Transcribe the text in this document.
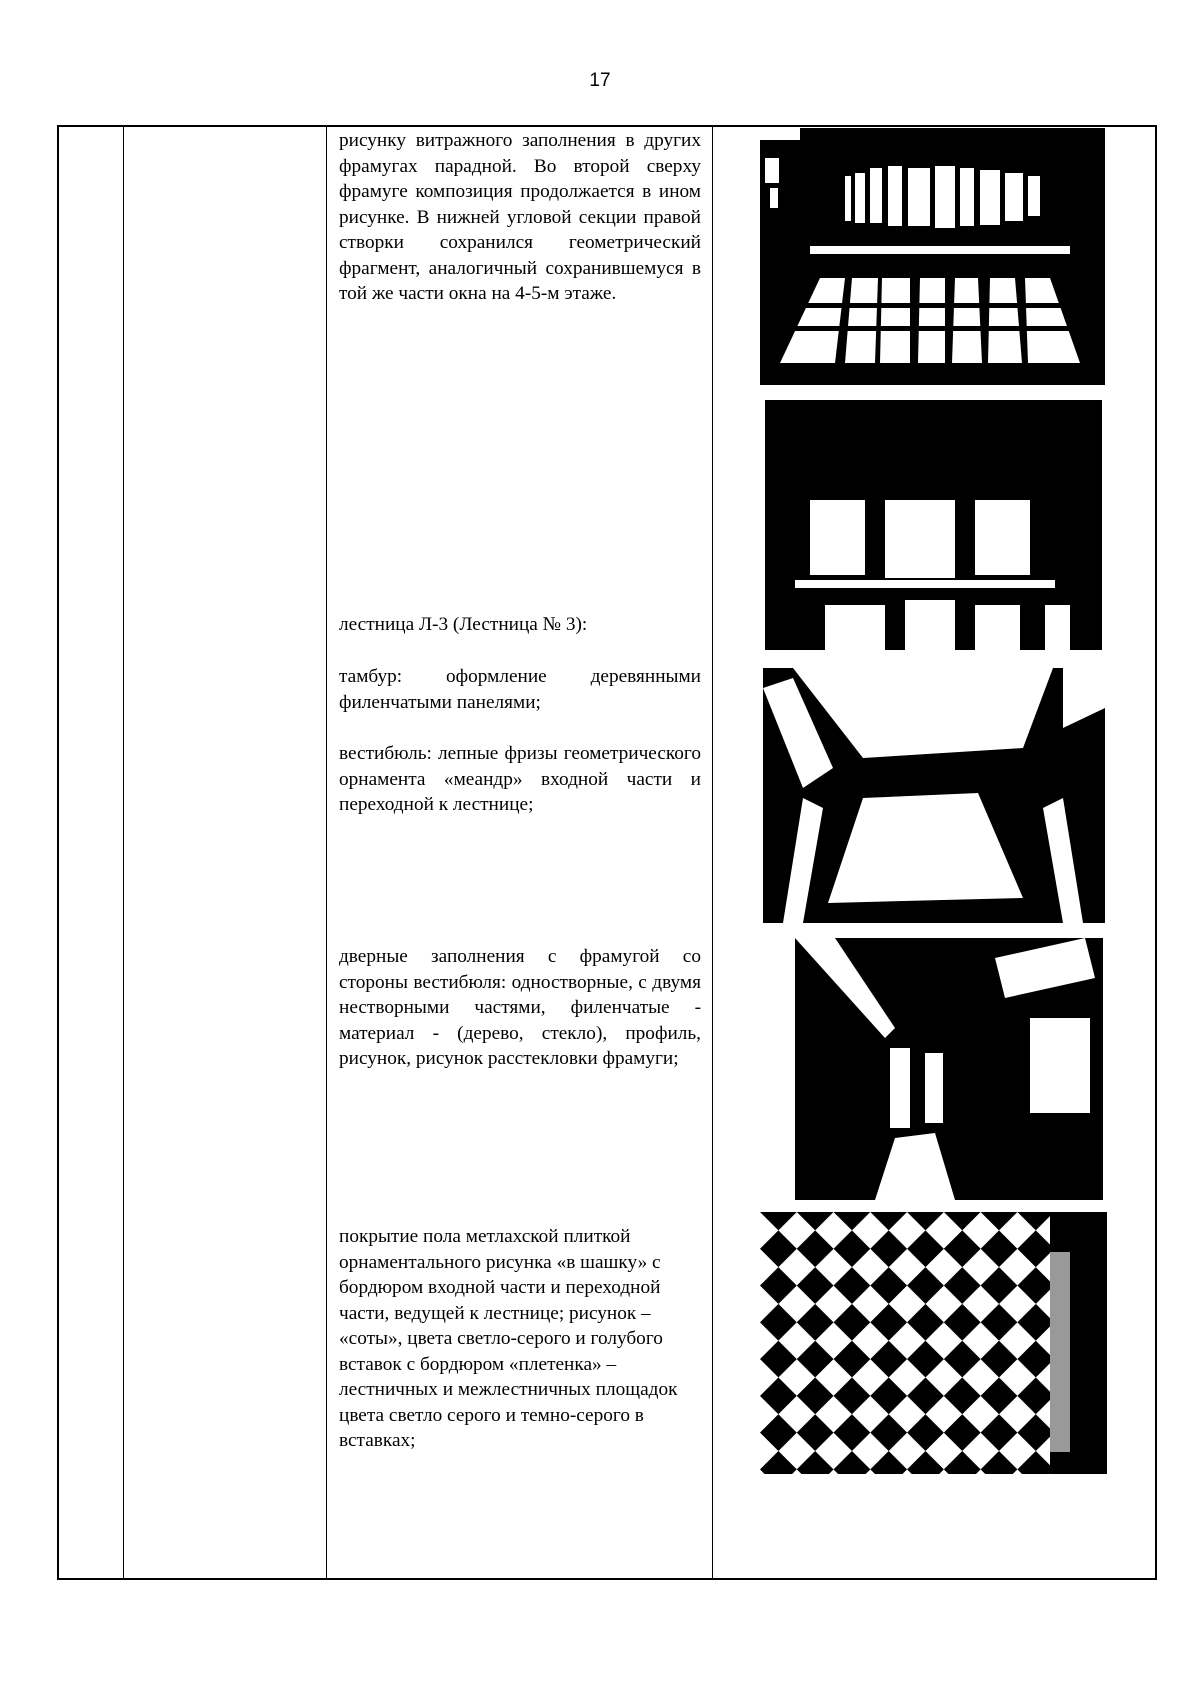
17
рисунку витражного заполнения в других фрамугах парадной. Во второй сверху фрамуге композиция продолжается в ином рисунке. В нижней угловой секции правой створки сохранился геометрический фрагмент, аналогичный сохранившемуся в той же части окна на 4-5-м этаже.
лестница Л-3 (Лестница № 3):
тамбур: оформление деревянными филенчатыми панелями;
вестибюль: лепные фризы геометрического орнамента «меандр» входной части и переходной к лестнице;
дверные заполнения с фрамугой со стороны вестибюля: одностворные, с двумя нестворными частями, филенчатые - материал - (дерево, стекло), профиль, рисунок, рисунок расстекловки фрамуги;
покрытие пола метлахской плиткой орнаментального рисунка «в шашку» с бордюром входной части и переходной части, ведущей к лестнице; рисунок – «соты», цвета светло-серого и голубого вставок с бордюром «плетенка» – лестничных и межлестничных площадок цвета светло серого и темно-серого в вставках;
